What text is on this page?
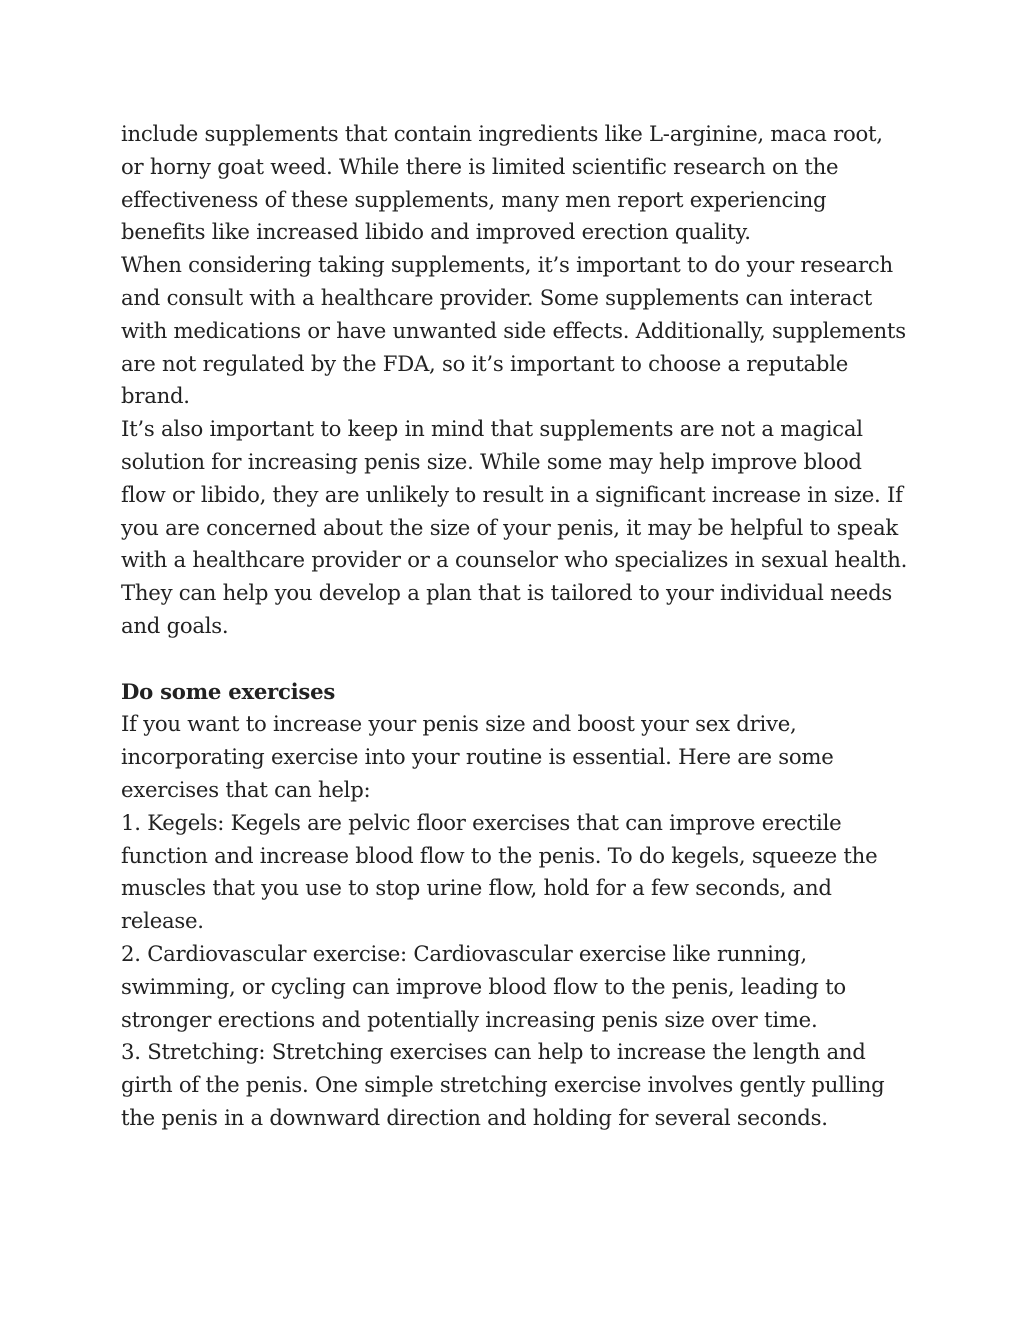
include supplements that contain ingredients like L-arginine, maca root, or horny goat weed. While there is limited scientific research on the effectiveness of these supplements, many men report experiencing benefits like increased libido and improved erection quality.

When considering taking supplements, it’s important to do your research and consult with a healthcare provider. Some supplements can interact with medications or have unwanted side effects. Additionally, supplements are not regulated by the FDA, so it’s important to choose a reputable brand.

It’s also important to keep in mind that supplements are not a magical solution for increasing penis size. While some may help improve blood flow or libido, they are unlikely to result in a significant increase in size. If you are concerned about the size of your penis, it may be helpful to speak with a healthcare provider or a counselor who specializes in sexual health. They can help you develop a plan that is tailored to your individual needs and goals.

Do some exercises

If you want to increase your penis size and boost your sex drive, incorporating exercise into your routine is essential. Here are some exercises that can help:

1. Kegels: Kegels are pelvic floor exercises that can improve erectile function and increase blood flow to the penis. To do kegels, squeeze the muscles that you use to stop urine flow, hold for a few seconds, and release.

2. Cardiovascular exercise: Cardiovascular exercise like running, swimming, or cycling can improve blood flow to the penis, leading to stronger erections and potentially increasing penis size over time.

3. Stretching: Stretching exercises can help to increase the length and girth of the penis. One simple stretching exercise involves gently pulling the penis in a downward direction and holding for several seconds.
